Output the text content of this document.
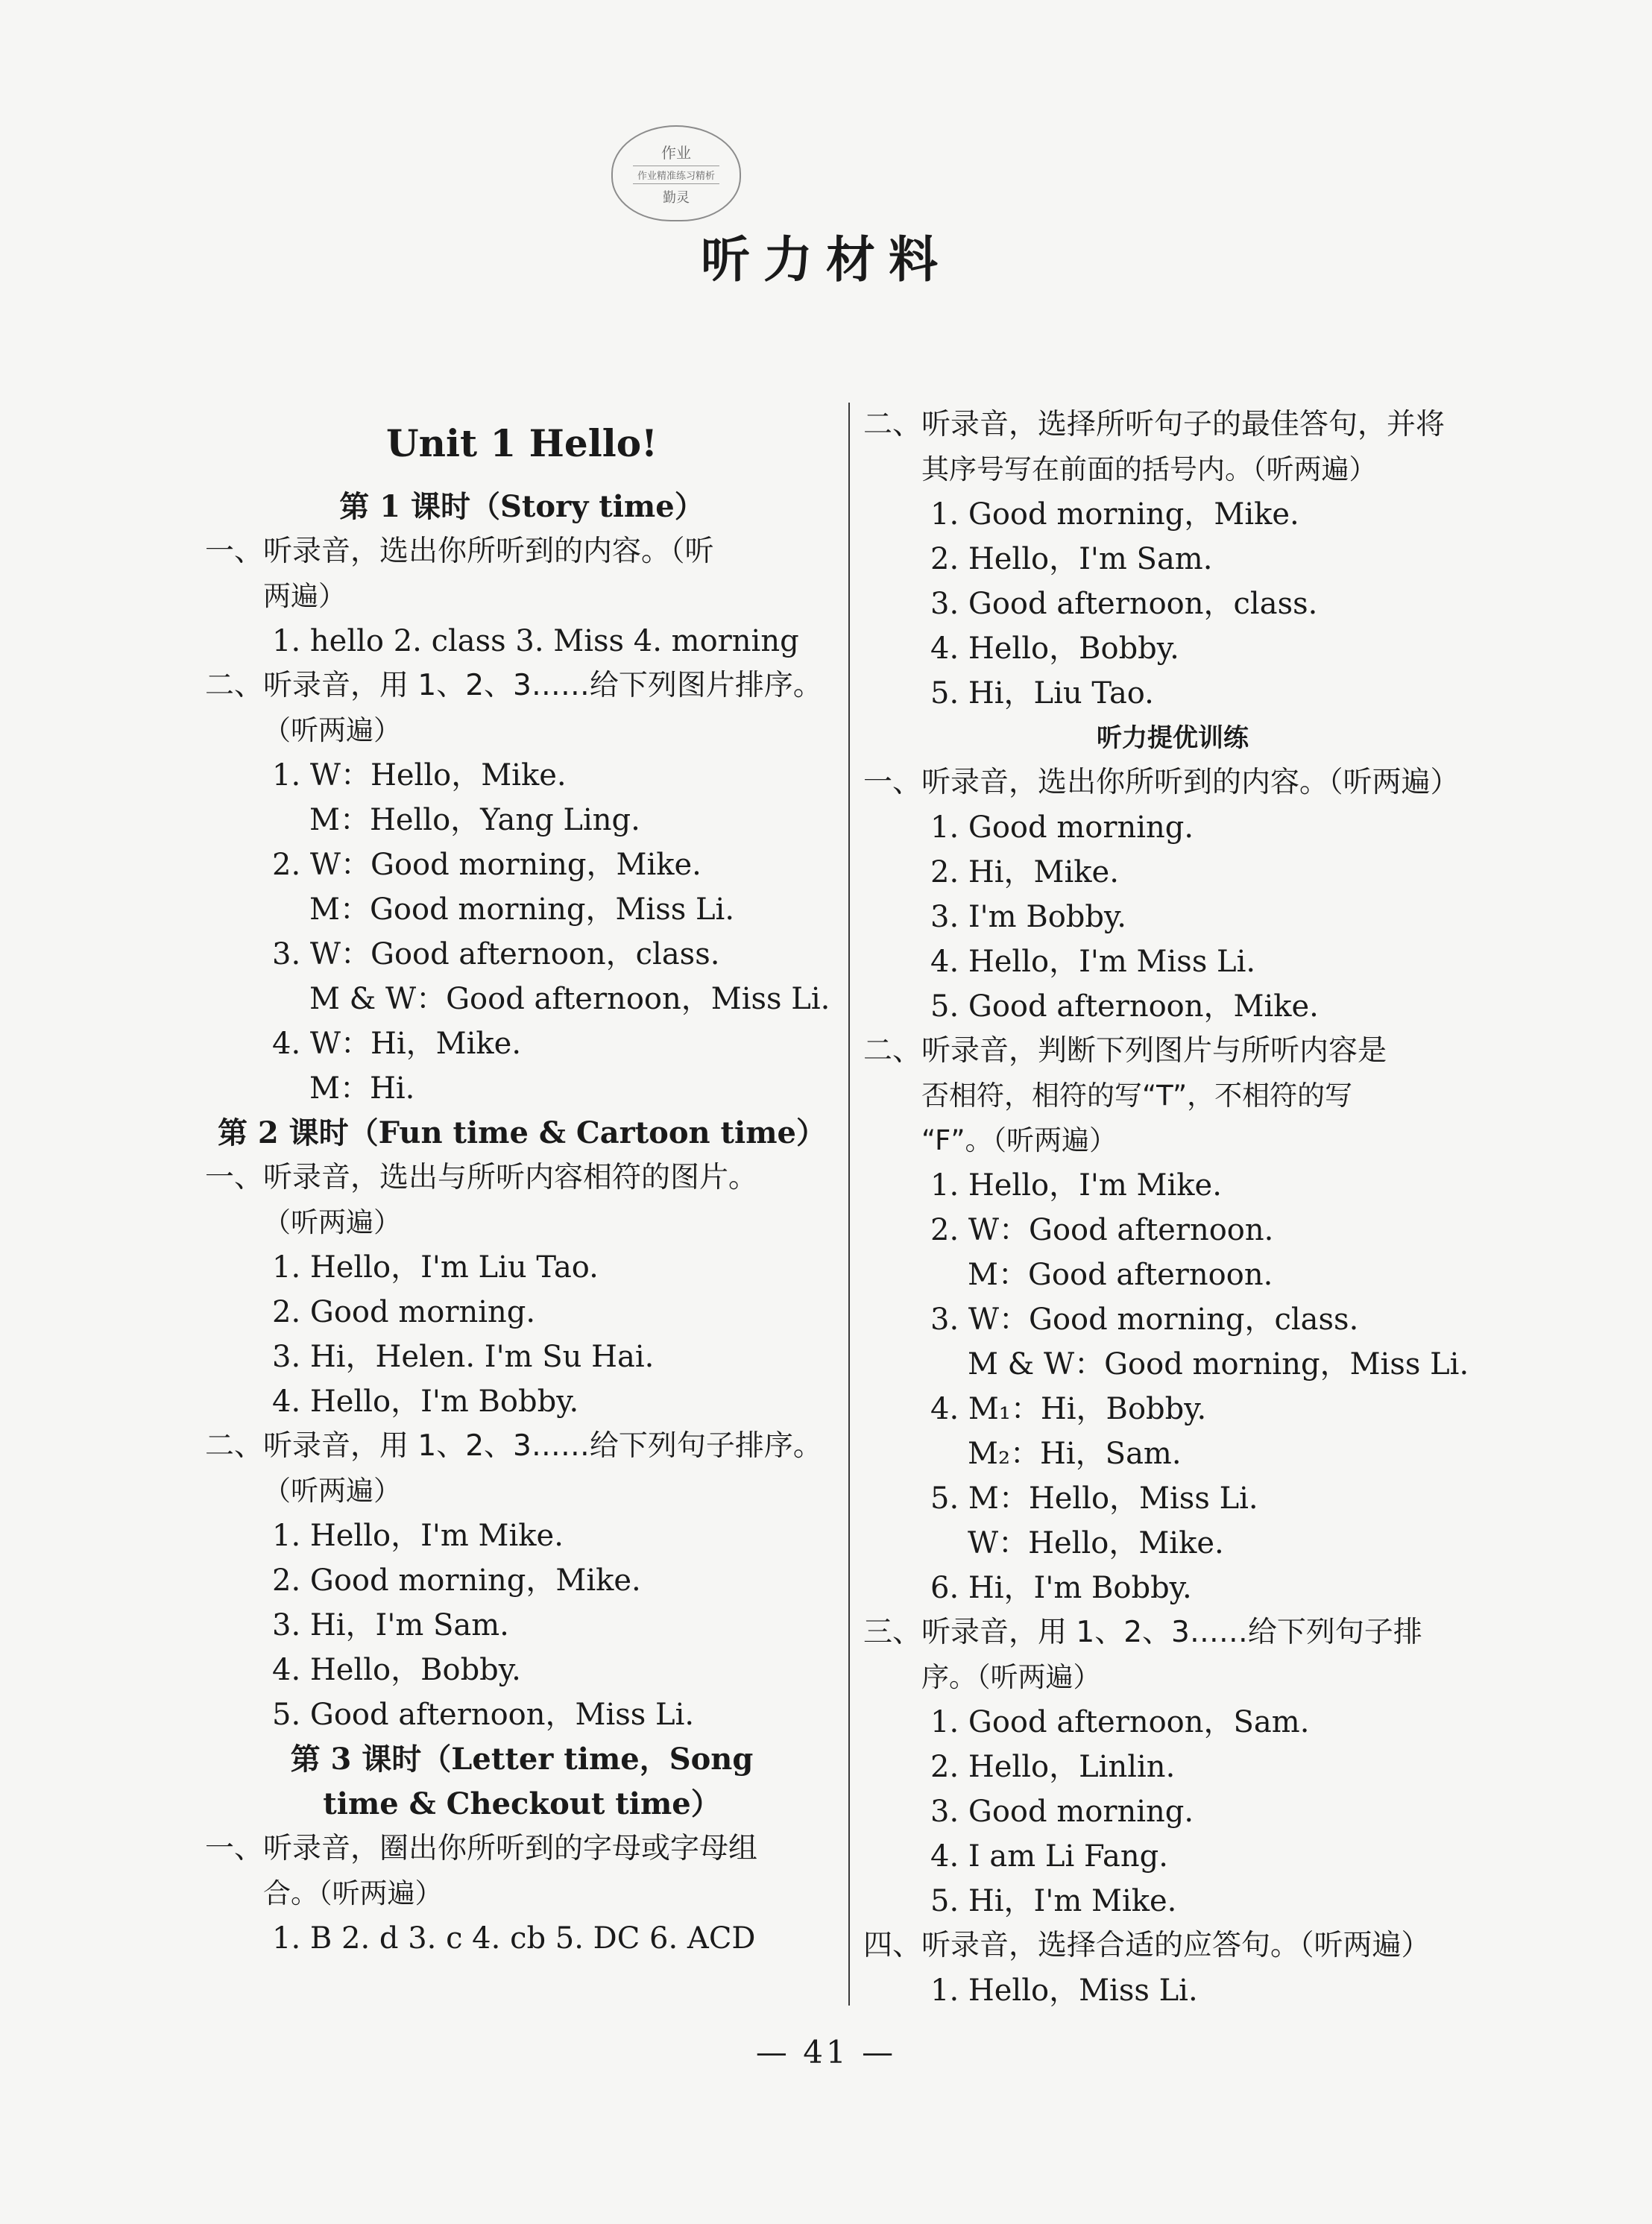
作业
作业精准练习精析
勤灵
听力材料
Unit 1 Hello!
第 1 课时（Story time）
一、听录音，选出你所听到的内容。（听
两遍）
1. hello 2. class 3. Miss 4. morning
二、听录音，用 1、2、3……给下列图片排序。
（听两遍）
1. W：Hello，Mike.
M：Hello，Yang Ling.
2. W：Good morning，Mike.
M：Good morning，Miss Li.
3. W：Good afternoon，class.
M & W：Good afternoon，Miss Li.
4. W：Hi，Mike.
M：Hi.
第 2 课时（Fun time & Cartoon time）
一、听录音，选出与所听内容相符的图片。
（听两遍）
1. Hello，I'm Liu Tao.
2. Good morning.
3. Hi，Helen. I'm Su Hai.
4. Hello，I'm Bobby.
二、听录音，用 1、2、3……给下列句子排序。
（听两遍）
1. Hello，I'm Mike.
2. Good morning，Mike.
3. Hi，I'm Sam.
4. Hello，Bobby.
5. Good afternoon，Miss Li.
第 3 课时（Letter time，Song
time & Checkout time）
一、听录音，圈出你所听到的字母或字母组
合。（听两遍）
1. B 2. d 3. c 4. cb 5. DC 6. ACD
二、听录音，选择所听句子的最佳答句，并将
其序号写在前面的括号内。（听两遍）
1. Good morning，Mike.
2. Hello，I'm Sam.
3. Good afternoon，class.
4. Hello，Bobby.
5. Hi，Liu Tao.
听力提优训练
一、听录音，选出你所听到的内容。（听两遍）
1. Good morning.
2. Hi，Mike.
3. I'm Bobby.
4. Hello，I'm Miss Li.
5. Good afternoon，Mike.
二、听录音，判断下列图片与所听内容是
否相符，相符的写“T”，不相符的写
“F”。（听两遍）
1. Hello，I'm Mike.
2. W：Good afternoon.
M：Good afternoon.
3. W：Good morning，class.
M & W：Good morning，Miss Li.
4. M₁：Hi，Bobby.
M₂：Hi，Sam.
5. M：Hello，Miss Li.
W：Hello，Mike.
6. Hi，I'm Bobby.
三、听录音，用 1、2、3……给下列句子排
序。（听两遍）
1. Good afternoon，Sam.
2. Hello，Linlin.
3. Good morning.
4. I am Li Fang.
5. Hi，I'm Mike.
四、听录音，选择合适的应答句。（听两遍）
1. Hello，Miss Li.
— 41 —
